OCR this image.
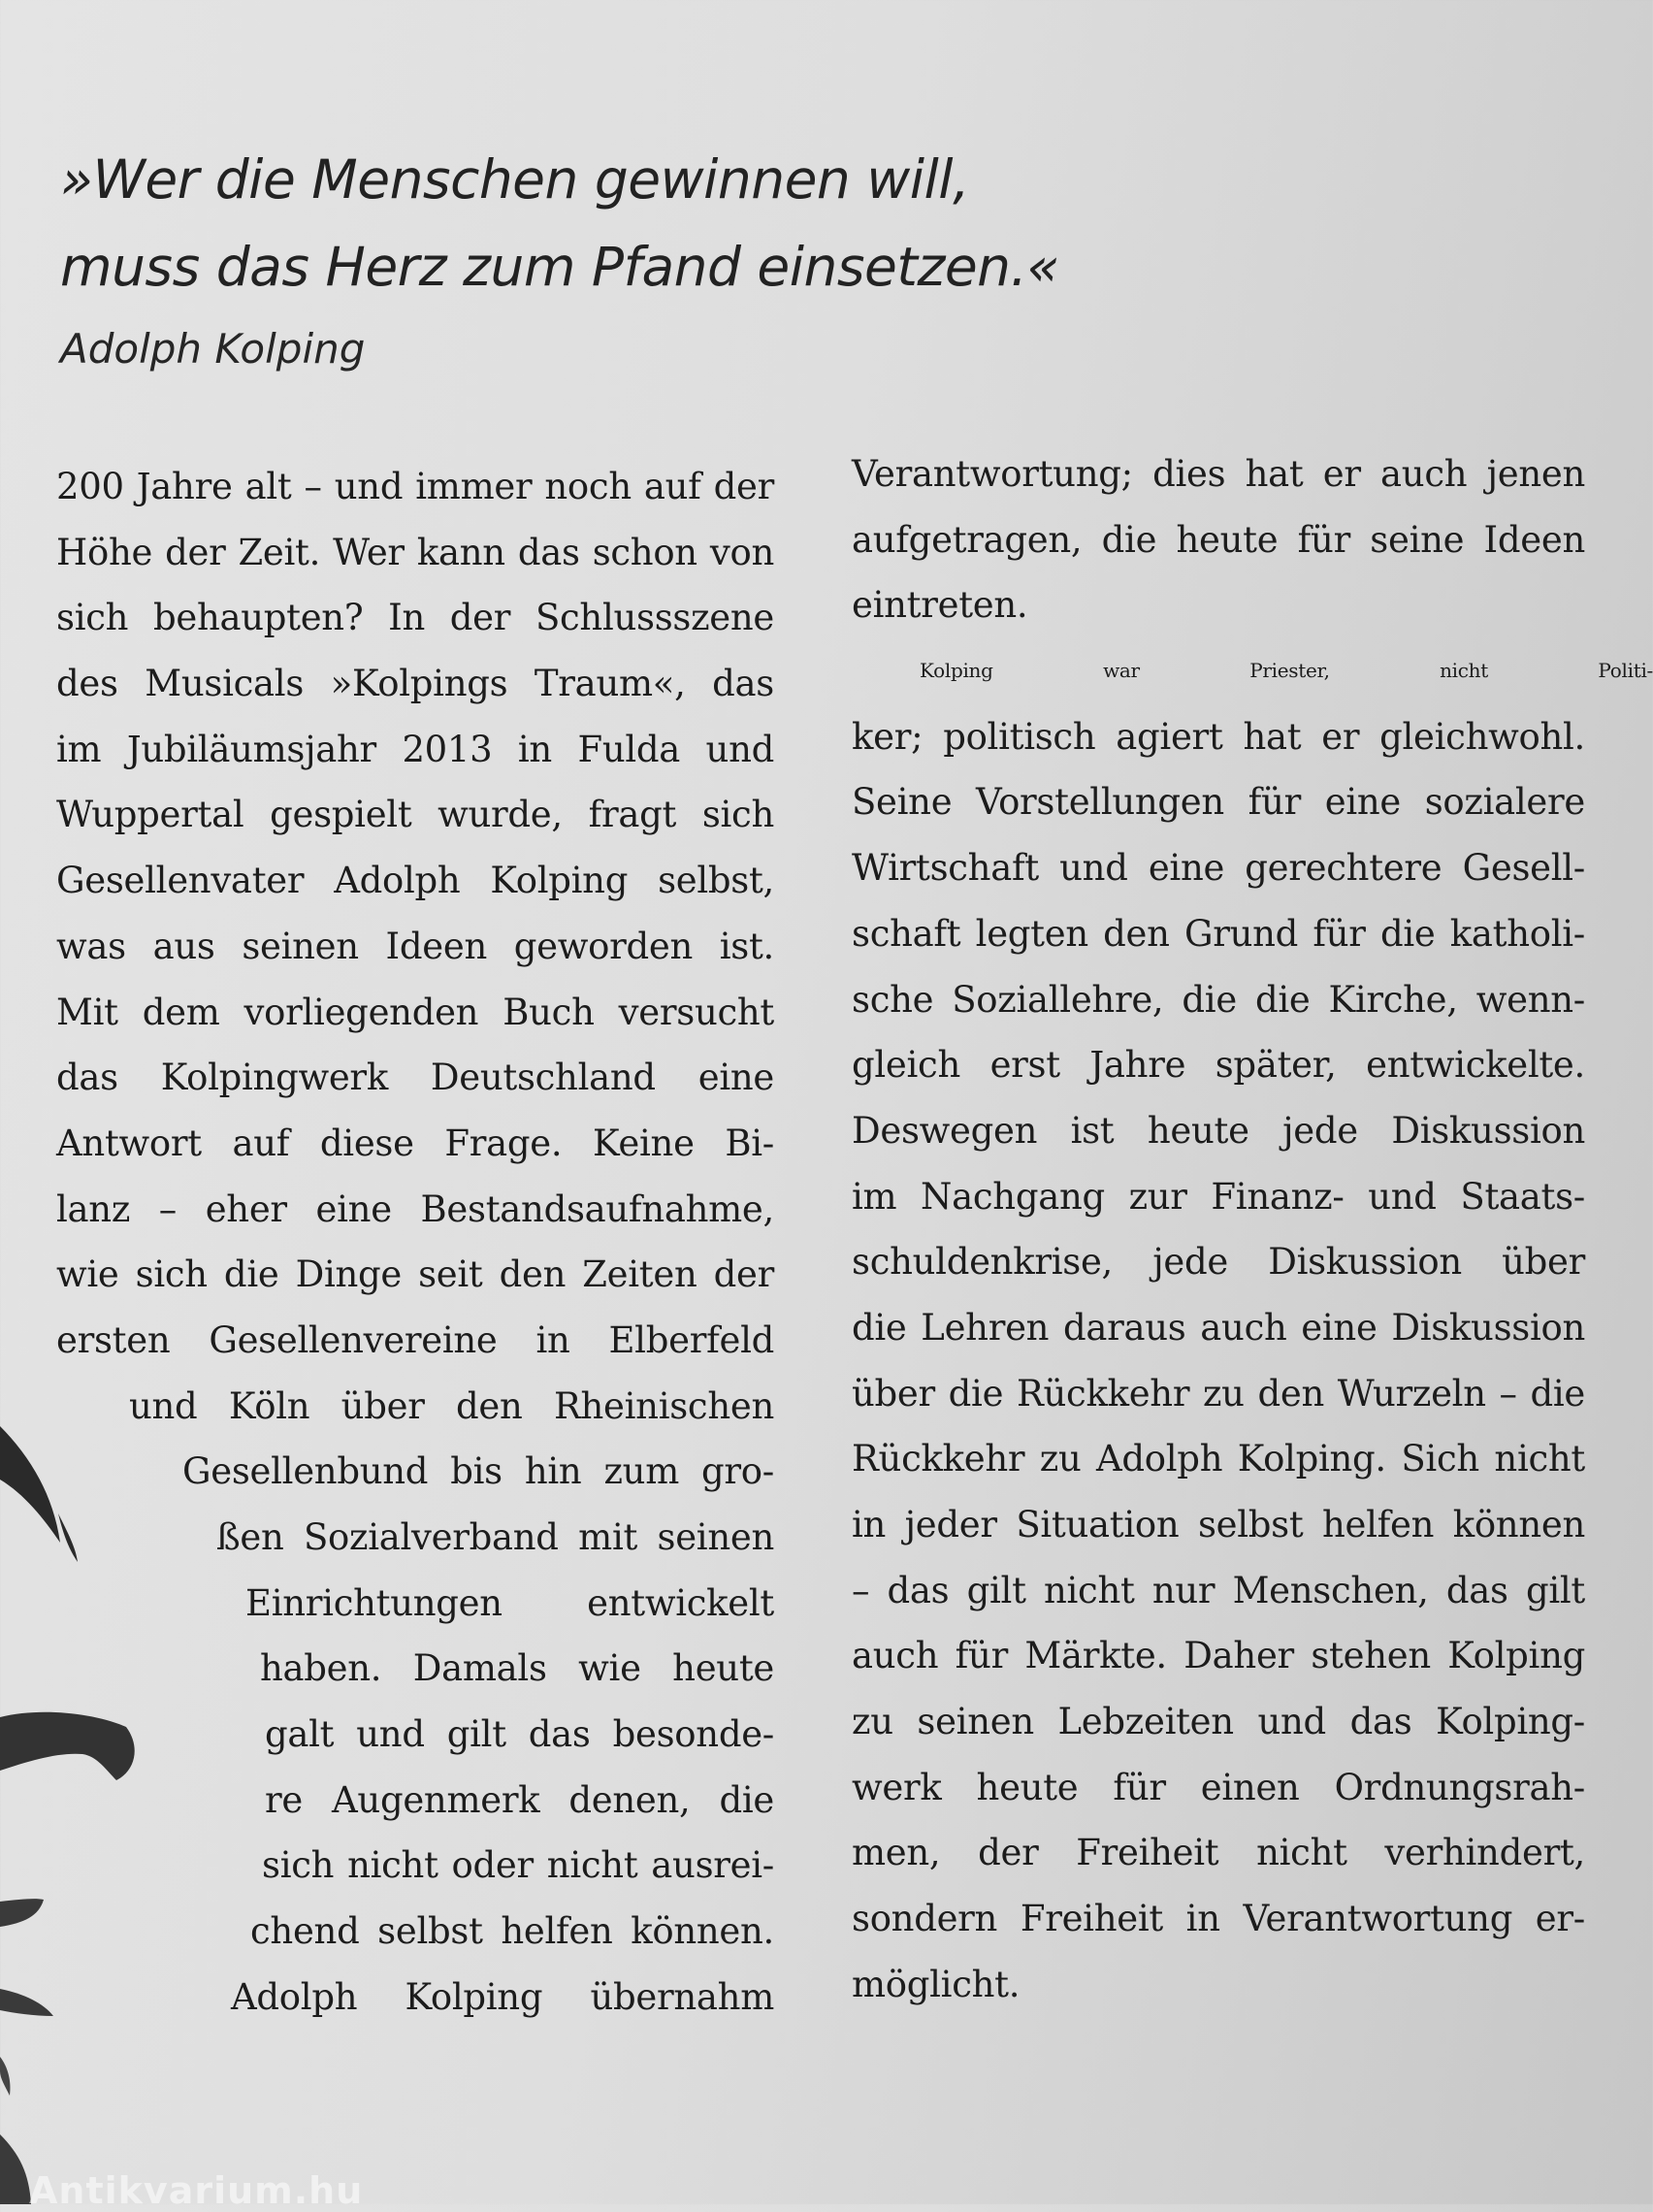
»Wer die Menschen gewinnen will,
muss das Herz zum Pfand einsetzen.«
Adolph Kolping
200 Jahre alt – und immer noch auf der
Höhe der Zeit. Wer kann das schon von
sich behaupten? In der Schlussszene
des Musicals »Kolpings Traum«, das
im Jubiläumsjahr 2013 in Fulda und
Wuppertal gespielt wurde, fragt sich
Gesellenvater Adolph Kolping selbst,
was aus seinen Ideen geworden ist.
Mit dem vorliegenden Buch versucht
das Kolpingwerk Deutschland eine
Antwort auf diese Frage. Keine Bi-
lanz – eher eine Bestandsaufnahme,
wie sich die Dinge seit den Zeiten der
ersten Gesellenvereine in Elberfeld
und Köln über den Rheinischen
Gesellenbund bis hin zum gro-
ßen Sozialverband mit seinen
Einrichtungen entwickelt
haben. Damals wie heute
galt und gilt das besonde-
re Augenmerk denen, die
sich nicht oder nicht ausrei-
chend selbst helfen können.
Adolph Kolping übernahm
Verantwortung; dies hat er auch jenen
aufgetragen, die heute für seine Ideen
eintreten.
Kolping war Priester, nicht Politi-
ker; politisch agiert hat er gleichwohl.
Seine Vorstellungen für eine sozialere
Wirtschaft und eine gerechtere Gesell-
schaft legten den Grund für die katholi-
sche Soziallehre, die die Kirche, wenn-
gleich erst Jahre später, entwickelte.
Deswegen ist heute jede Diskussion
im Nachgang zur Finanz- und Staats-
schuldenkrise, jede Diskussion über
die Lehren daraus auch eine Diskussion
über die Rückkehr zu den Wurzeln – die
Rückkehr zu Adolph Kolping. Sich nicht
in jeder Situation selbst helfen können
– das gilt nicht nur Menschen, das gilt
auch für Märkte. Daher stehen Kolping
zu seinen Lebzeiten und das Kolping-
werk heute für einen Ordnungsrah-
men, der Freiheit nicht verhindert,
sondern Freiheit in Verantwortung er-
möglicht.
Antikvarium.hu
